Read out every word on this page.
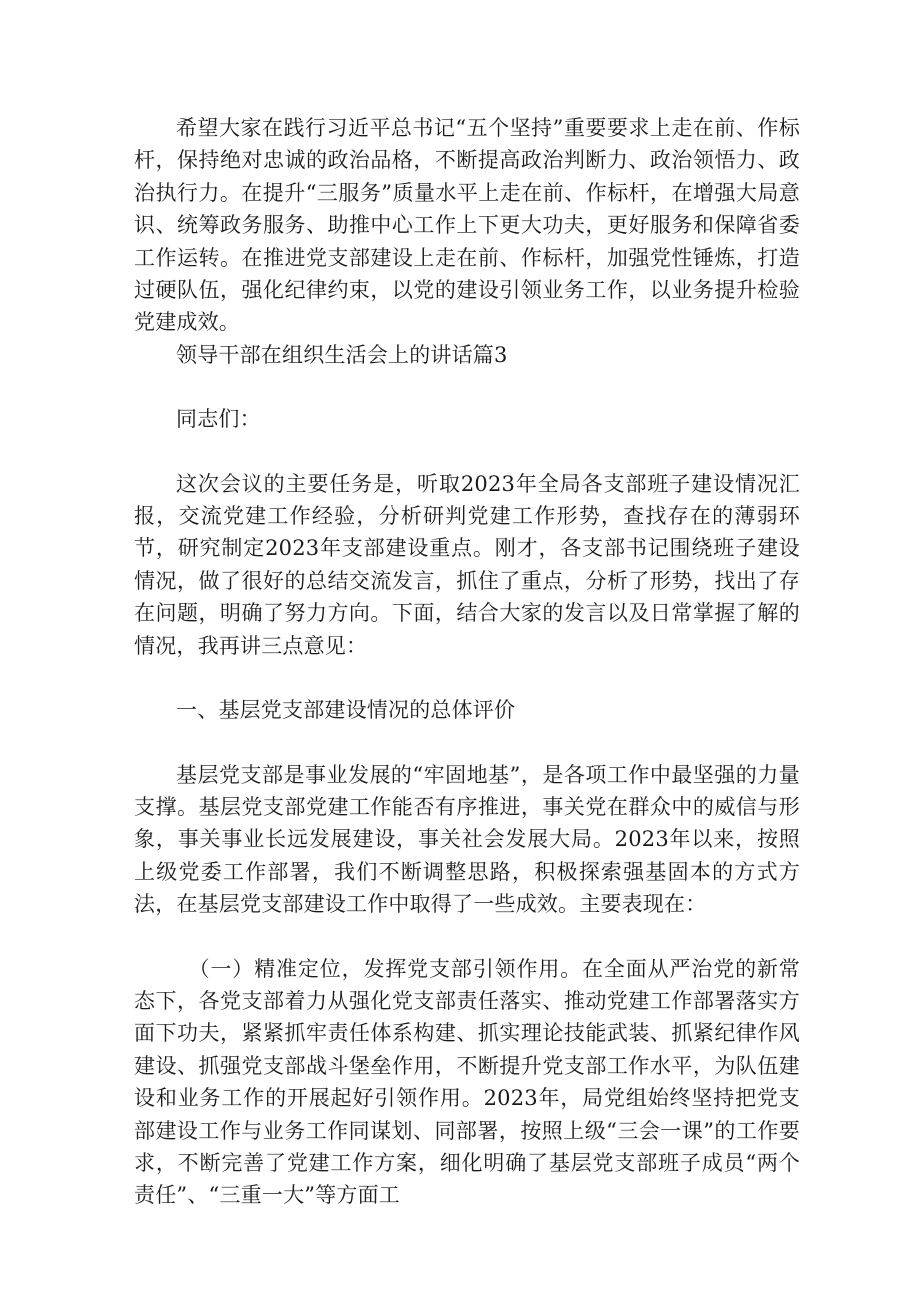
希望大家在践行习近平总书记“五个坚持”重要要求上走在前、作标杆，保持绝对忠诚的政治品格，不断提高政治判断力、政治领悟力、政治执行力。在提升“三服务”质量水平上走在前、作标杆，在增强大局意识、统筹政务服务、助推中心工作上下更大功夫，更好服务和保障省委工作运转。在推进党支部建设上走在前、作标杆，加强党性锤炼，打造过硬队伍，强化纪律约束，以党的建设引领业务工作，以业务提升检验党建成效。

领导干部在组织生活会上的讲话篇3

同志们：

这次会议的主要任务是，听取2023年全局各支部班子建设情况汇报，交流党建工作经验，分析研判党建工作形势，查找存在的薄弱环节，研究制定2023年支部建设重点。刚才，各支部书记围绕班子建设情况，做了很好的总结交流发言，抓住了重点，分析了形势，找出了存在问题，明确了努力方向。下面，结合大家的发言以及日常掌握了解的情况，我再讲三点意见：

一、基层党支部建设情况的总体评价

基层党支部是事业发展的“牢固地基”，是各项工作中最坚强的力量支撑。基层党支部党建工作能否有序推进，事关党在群众中的威信与形象，事关事业长远发展建设，事关社会发展大局。2023年以来，按照上级党委工作部署，我们不断调整思路，积极探索强基固本的方式方法，在基层党支部建设工作中取得了一些成效。主要表现在：

（一）精准定位，发挥党支部引领作用。在全面从严治党的新常态下，各党支部着力从强化党支部责任落实、推动党建工作部署落实方面下功夫，紧紧抓牢责任体系构建、抓实理论技能武装、抓紧纪律作风建设、抓强党支部战斗堡垒作用，不断提升党支部工作水平，为队伍建设和业务工作的开展起好引领作用。2023年，局党组始终坚持把党支部建设工作与业务工作同谋划、同部署，按照上级“三会一课”的工作要求，不断完善了党建工作方案，细化明确了基层党支部班子成员“两个责任”、“三重一大”等方面工
